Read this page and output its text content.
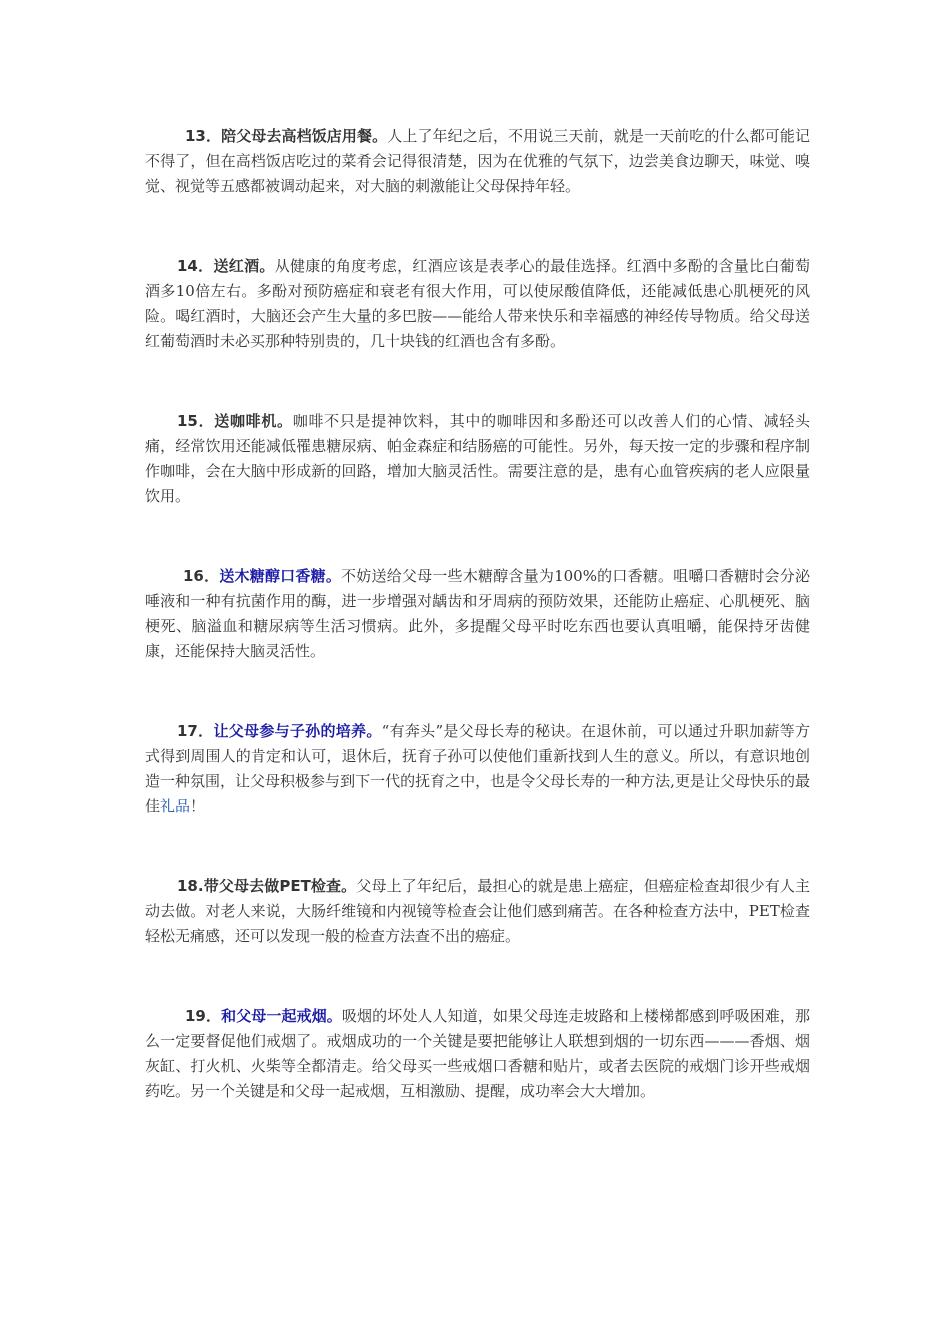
13．陪父母去高档饭店用餐。人上了年纪之后，不用说三天前，就是一天前吃的什么都可能记不得了，但在高档饭店吃过的菜肴会记得很清楚，因为在优雅的气氛下，边尝美食边聊天，味觉、嗅觉、视觉等五感都被调动起来，对大脑的刺激能让父母保持年轻。

14．送红酒。从健康的角度考虑，红酒应该是表孝心的最佳选择。红酒中多酚的含量比白葡萄酒多10倍左右。多酚对预防癌症和衰老有很大作用，可以使尿酸值降低，还能减低患心肌梗死的风险。喝红酒时，大脑还会产生大量的多巴胺——能给人带来快乐和幸福感的神经传导物质。给父母送红葡萄酒时未必买那种特别贵的，几十块钱的红酒也含有多酚。

15．送咖啡机。咖啡不只是提神饮料，其中的咖啡因和多酚还可以改善人们的心情、减轻头痛，经常饮用还能减低罹患糖尿病、帕金森症和结肠癌的可能性。另外，每天按一定的步骤和程序制作咖啡，会在大脑中形成新的回路，增加大脑灵活性。需要注意的是，患有心血管疾病的老人应限量饮用。

16．送木糖醇口香糖。不妨送给父母一些木糖醇含量为100%的口香糖。咀嚼口香糖时会分泌唾液和一种有抗菌作用的酶，进一步增强对龋齿和牙周病的预防效果，还能防止癌症、心肌梗死、脑梗死、脑溢血和糖尿病等生活习惯病。此外，多提醒父母平时吃东西也要认真咀嚼，能保持牙齿健康，还能保持大脑灵活性。

17．让父母参与子孙的培养。“有奔头”是父母长寿的秘诀。在退休前，可以通过升职加薪等方式得到周围人的肯定和认可，退休后，抚育子孙可以使他们重新找到人生的意义。所以，有意识地创造一种氛围，让父母积极参与到下一代的抚育之中，也是令父母长寿的一种方法,更是让父母快乐的最佳礼品！

18.带父母去做PET检查。父母上了年纪后，最担心的就是患上癌症，但癌症检查却很少有人主动去做。对老人来说，大肠纤维镜和内视镜等检查会让他们感到痛苦。在各种检查方法中，PET检查轻松无痛感，还可以发现一般的检查方法查不出的癌症。

19．和父母一起戒烟。吸烟的坏处人人知道，如果父母连走坡路和上楼梯都感到呼吸困难，那么一定要督促他们戒烟了。戒烟成功的一个关键是要把能够让人联想到烟的一切东西———香烟、烟灰缸、打火机、火柴等全都清走。给父母买一些戒烟口香糖和贴片，或者去医院的戒烟门诊开些戒烟药吃。另一个关键是和父母一起戒烟，互相激励、提醒，成功率会大大增加。
